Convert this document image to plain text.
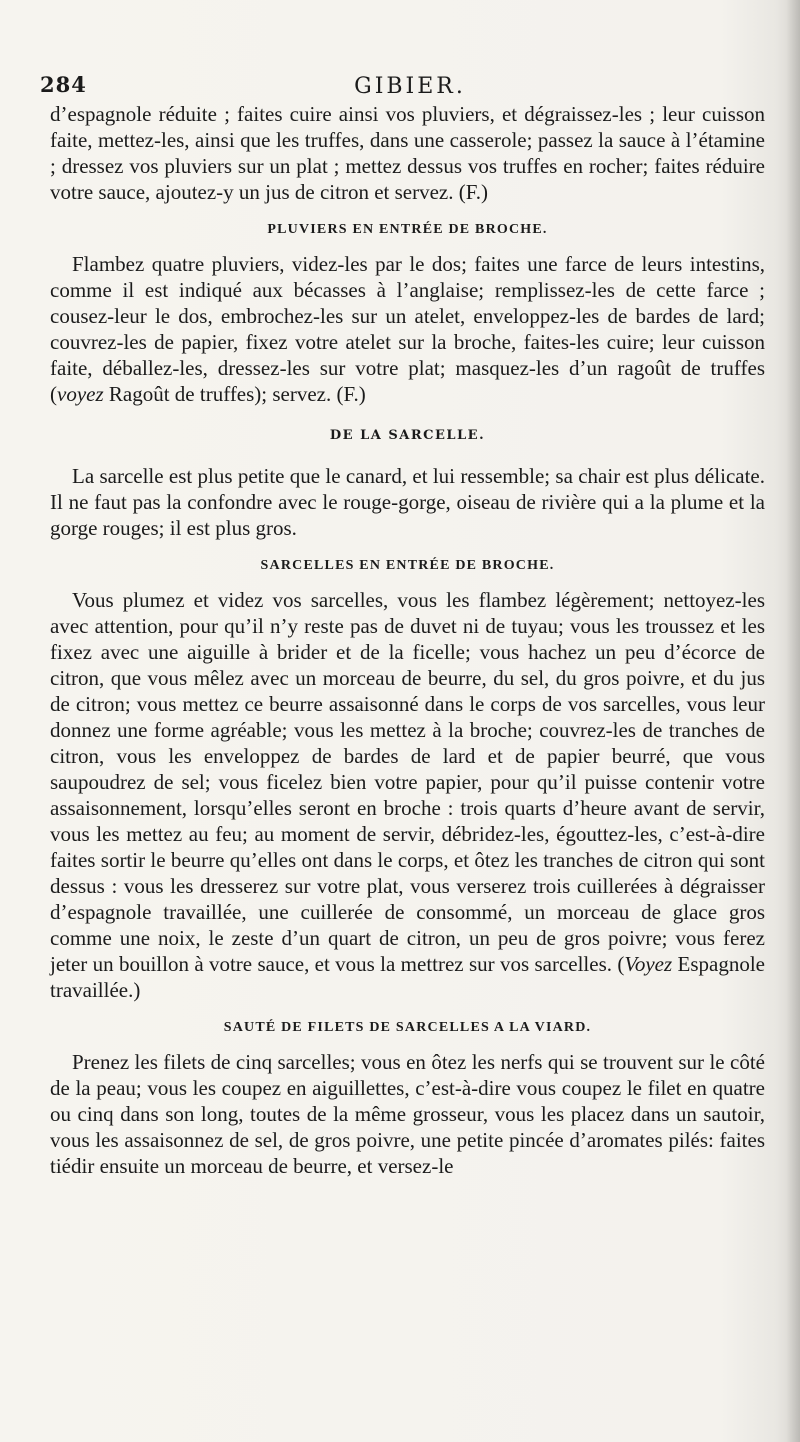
284	GIBIER.

d’espagnole réduite ; faites cuire ainsi vos pluviers, et dégraissez-les ; leur cuisson faite, mettez-les, ainsi que les truffes, dans une casserole; passez la sauce à l’étamine ; dressez vos pluviers sur un plat ; mettez dessus vos truffes en rocher; faites réduire votre sauce, ajoutez-y un jus de citron et servez. (F.)

PLUVIERS EN ENTRÉE DE BROCHE.

Flambez quatre pluviers, videz-les par le dos; faites une farce de leurs intestins, comme il est indiqué aux bécasses à l’anglaise; remplissez-les de cette farce ; cousez-leur le dos, embrochez-les sur un atelet, enveloppez-les de bardes de lard; couvrez-les de papier, fixez votre atelet sur la broche, faites-les cuire; leur cuisson faite, déballez-les, dressez-les sur votre plat; masquez-les d’un ragoût de truffes (voyez Ragoût de truffes); servez. (F.)

DE LA SARCELLE.

La sarcelle est plus petite que le canard, et lui ressemble; sa chair est plus délicate. Il ne faut pas la confondre avec le rouge-gorge, oiseau de rivière qui a la plume et la gorge rouges; il est plus gros.

SARCELLES EN ENTRÉE DE BROCHE.

Vous plumez et videz vos sarcelles, vous les flambez légèrement; nettoyez-les avec attention, pour qu’il n’y reste pas de duvet ni de tuyau; vous les troussez et les fixez avec une aiguille à brider et de la ficelle; vous hachez un peu d’écorce de citron, que vous mêlez avec un morceau de beurre, du sel, du gros poivre, et du jus de citron; vous mettez ce beurre assaisonné dans le corps de vos sarcelles, vous leur donnez une forme agréable; vous les mettez à la broche; couvrez-les de tranches de citron, vous les enveloppez de bardes de lard et de papier beurré, que vous saupoudrez de sel; vous ficelez bien votre papier, pour qu’il puisse contenir votre assaisonnement, lorsqu’elles seront en broche : trois quarts d’heure avant de servir, vous les mettez au feu; au moment de servir, débridez-les, égouttez-les, c’est-à-dire faites sortir le beurre qu’elles ont dans le corps, et ôtez les tranches de citron qui sont dessus : vous les dresserez sur votre plat, vous verserez trois cuillerées à dégraisser d’espagnole travaillée, une cuillerée de consommé, un morceau de glace gros comme une noix, le zeste d’un quart de citron, un peu de gros poivre; vous ferez jeter un bouillon à votre sauce, et vous la mettrez sur vos sarcelles. (Voyez Espagnole travaillée.)

SAUTÉ DE FILETS DE SARCELLES A LA VIARD.

Prenez les filets de cinq sarcelles; vous en ôtez les nerfs qui se trouvent sur le côté de la peau; vous les coupez en aiguillettes, c’est-à-dire vous coupez le filet en quatre ou cinq dans son long, toutes de la même grosseur, vous les placez dans un sautoir, vous les assaisonnez de sel, de gros poivre, une petite pincée d’aromates pilés: faites tiédir ensuite un morceau de beurre, et versez-le
